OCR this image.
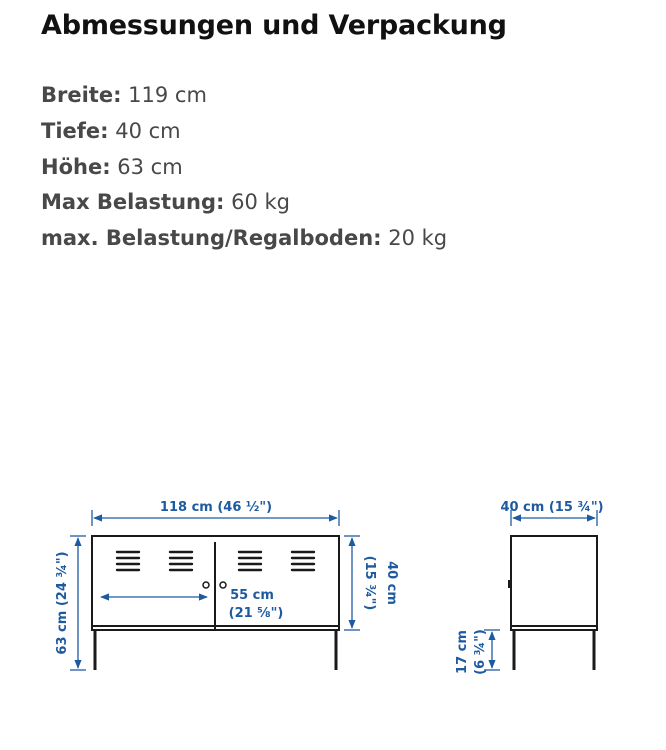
Abmessungen und Verpackung
Breite: 119 cm
Tiefe: 40 cm
Höhe: 63 cm
Max Belastung: 60 kg
max. Belastung/Regalboden: 20 kg
118 cm (46 ½")
63 cm (24 ¾")	40 cm
(15 ¾")
55 cm
(21 ⅝")
40 cm (15 ¾")
17 cm (6 ¾")
